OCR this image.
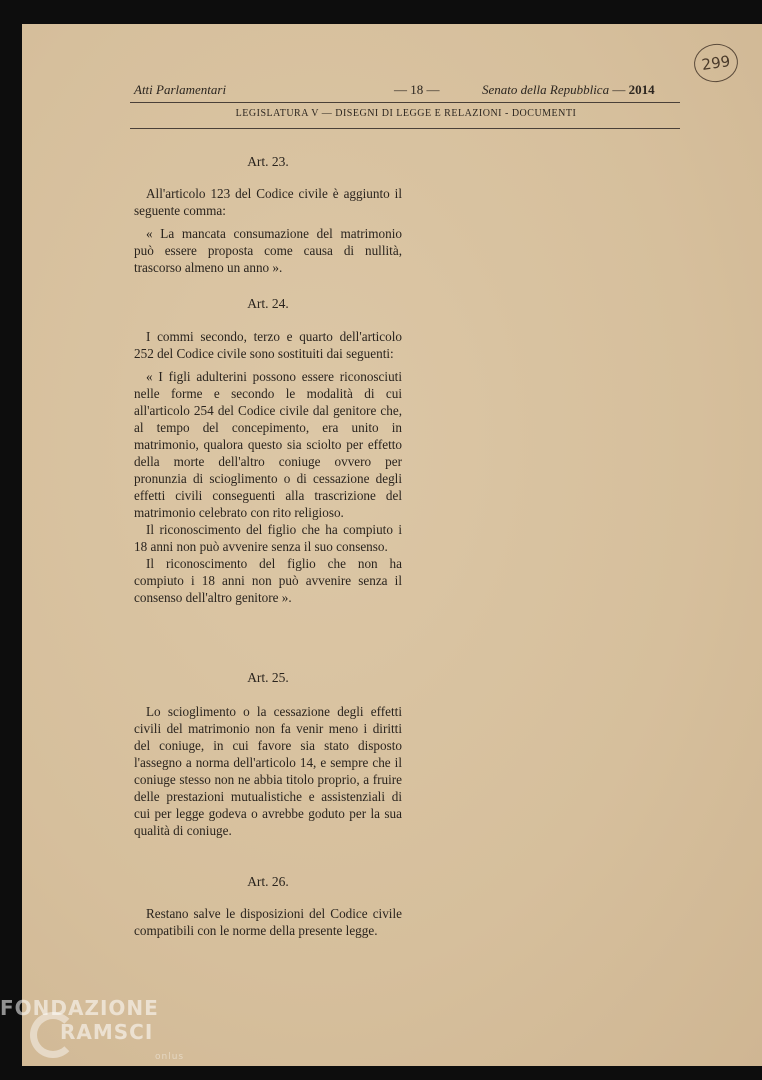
Atti Parlamentari	— 18 —	Senato della Repubblica — 2014
299
LEGISLATURA V — DISEGNI DI LEGGE E RELAZIONI - DOCUMENTI
Art. 23.

All'articolo 123 del Codice civile è aggiunto il seguente comma:

« La mancata consumazione del matrimonio può essere proposta come causa di nullità, trascorso almeno un anno ».

Art. 24.

I commi secondo, terzo e quarto dell'articolo 252 del Codice civile sono sostituiti dai seguenti:

« I figli adulterini possono essere riconosciuti nelle forme e secondo le modalità di cui all'articolo 254 del Codice civile dal genitore che, al tempo del concepimento, era unito in matrimonio, qualora questo sia sciolto per effetto della morte dell'altro coniuge ovvero per pronunzia di scioglimento o di cessazione degli effetti civili conseguenti alla trascrizione del matrimonio celebrato con rito religioso.

Il riconoscimento del figlio che ha compiuto i 18 anni non può avvenire senza il suo consenso.

Il riconoscimento del figlio che non ha compiuto i 18 anni non può avvenire senza il consenso dell'altro genitore ».

Art. 25.

Lo scioglimento o la cessazione degli effetti civili del matrimonio non fa venir meno i diritti del coniuge, in cui favore sia stato disposto l'assegno a norma dell'articolo 14, e sempre che il coniuge stesso non ne abbia titolo proprio, a fruire delle prestazioni mutualistiche e assistenziali di cui per legge godeva o avrebbe goduto per la sua qualità di coniuge.

Art. 26.

Restano salve le disposizioni del Codice civile compatibili con le norme della presente legge.

FONDAZIONE
RAMSCI
onlus
